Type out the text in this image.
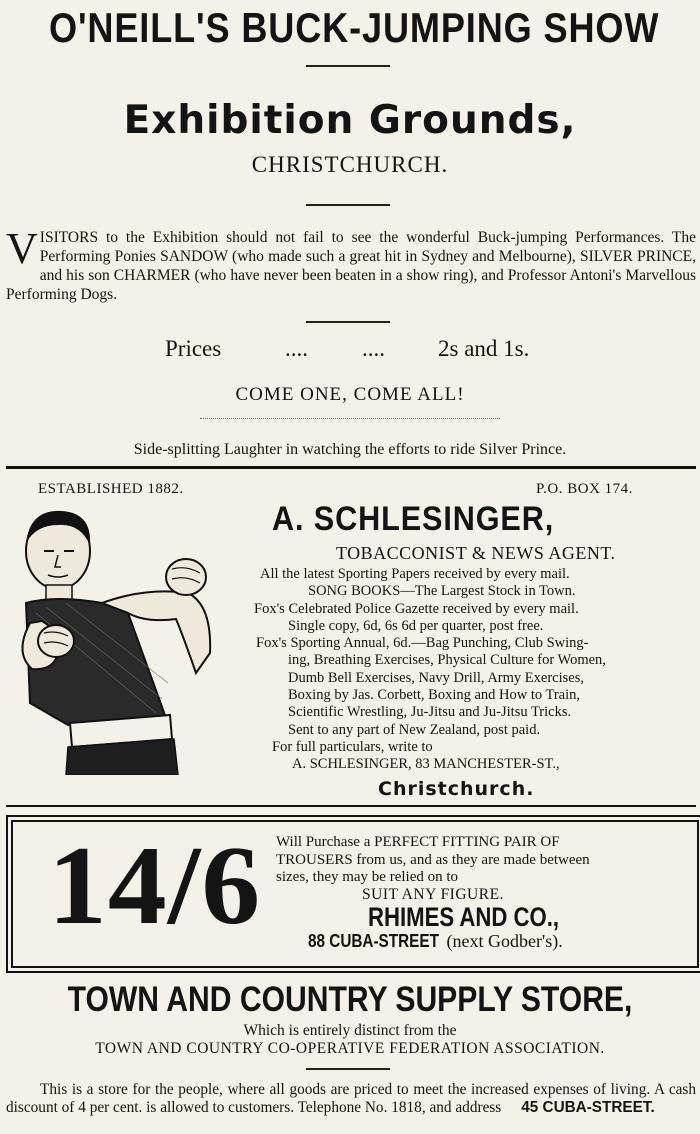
O'NEILL'S BUCK-JUMPING SHOW
Exhibition Grounds,
CHRISTCHURCH.
VISITORS to the Exhibition should not fail to see the wonderful Buck-jumping Performances. The Performing Ponies SANDOW (who made such a great hit in Sydney and Melbourne), SILVER PRINCE, and his son CHARMER (who have never been beaten in a show ring), and Professor Antoni's Marvellous Performing Dogs.
Prices	.... .... 2s and 1s.
COME ONE, COME ALL!
Side-splitting Laughter in watching the efforts to ride Silver Prince.
ESTABLISHED 1882.	P.O. BOX 174.
A. SCHLESINGER,
TOBACCONIST & NEWS AGENT.
All the latest Sporting Papers received by every mail.
SONG BOOKS—The Largest Stock in Town.
Fox's Celebrated Police Gazette received by every mail.
Single copy, 6d, 6s 6d per quarter, post free.
Fox's Sporting Annual, 6d.—Bag Punching, Club Swing-
ing, Breathing Exercises, Physical Culture for Women,
Dumb Bell Exercises, Navy Drill, Army Exercises,
Boxing by Jas. Corbett, Boxing and How to Train,
Scientific Wrestling, Ju-Jitsu and Ju-Jitsu Tricks.
Sent to any part of New Zealand, post paid.
For full particulars, write to
A. SCHLESINGER, 83 MANCHESTER-ST.,
Christchurch.
14/6 Will Purchase a PERFECT FITTING PAIR OF
TROUSERS from us, and as they are made between
sizes, they may be relied on to
SUIT ANY FIGURE.
RHIMES AND CO.,
88 CUBA-STREET (next Godber's).
TOWN AND COUNTRY SUPPLY STORE,
Which is entirely distinct from the
TOWN AND COUNTRY CO-OPERATIVE FEDERATION ASSOCIATION.
This is a store for the people, where all goods are priced to meet the increased expenses of living. A cash discount of 4 per cent. is allowed to customers. Telephone No. 1818, and address 45 CUBA-STREET.
